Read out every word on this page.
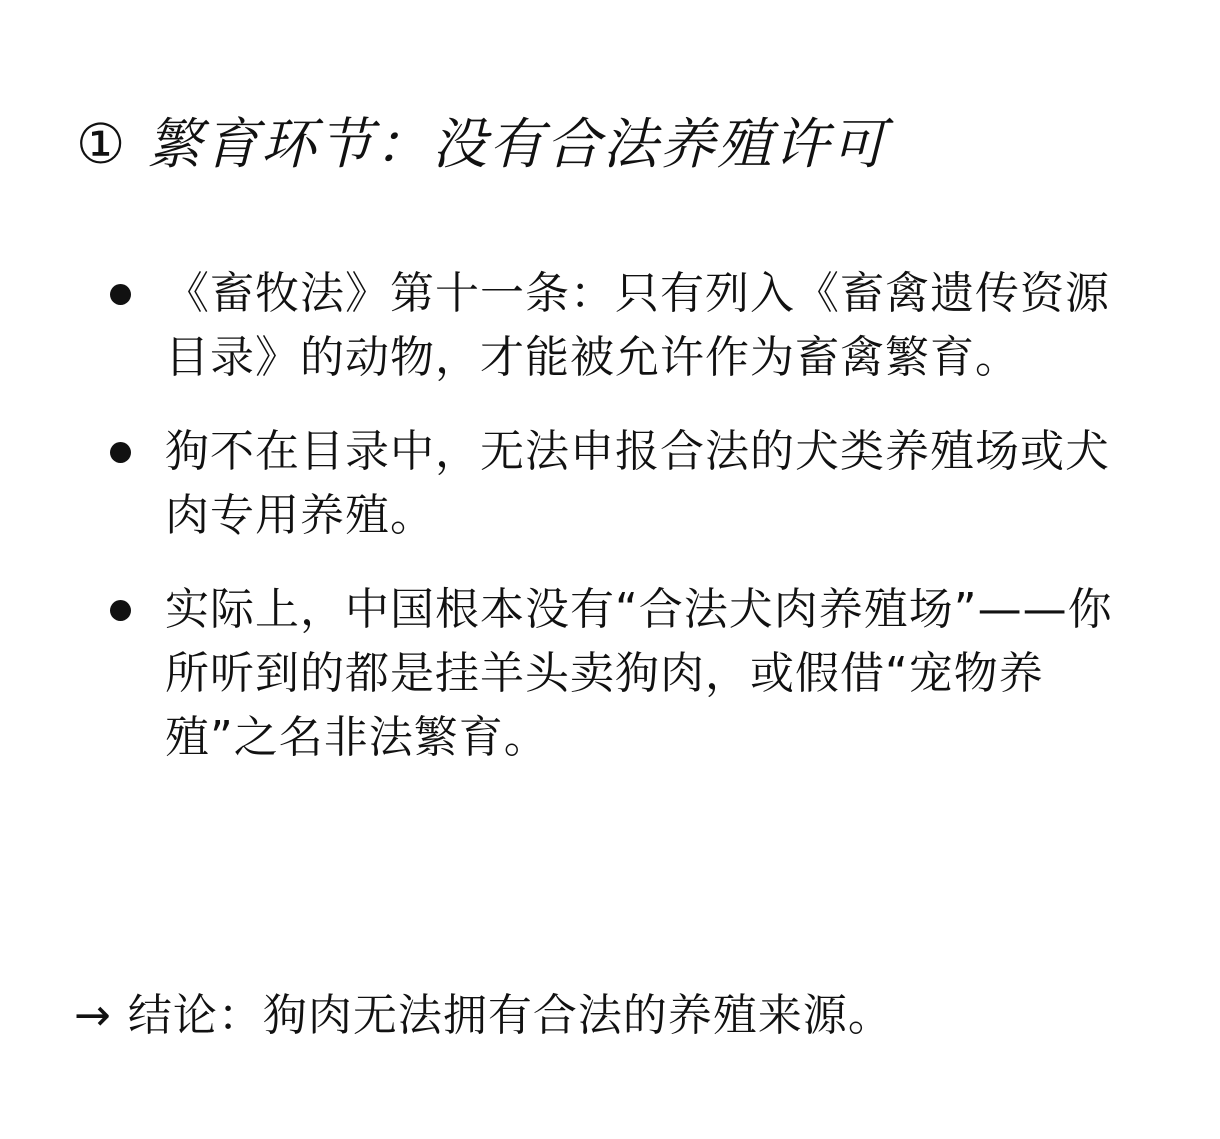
① 繁育环节：没有合法养殖许可
《畜牧法》第十一条：只有列入《畜禽遗传资源目录》的动物，才能被允许作为畜禽繁育。
狗不在目录中，无法申报合法的犬类养殖场或犬肉专用养殖。
实际上，中国根本没有“合法犬肉养殖场”——你所听到的都是挂羊头卖狗肉，或假借“宠物养殖”之名非法繁育。

→ 结论：狗肉无法拥有合法的养殖来源。
